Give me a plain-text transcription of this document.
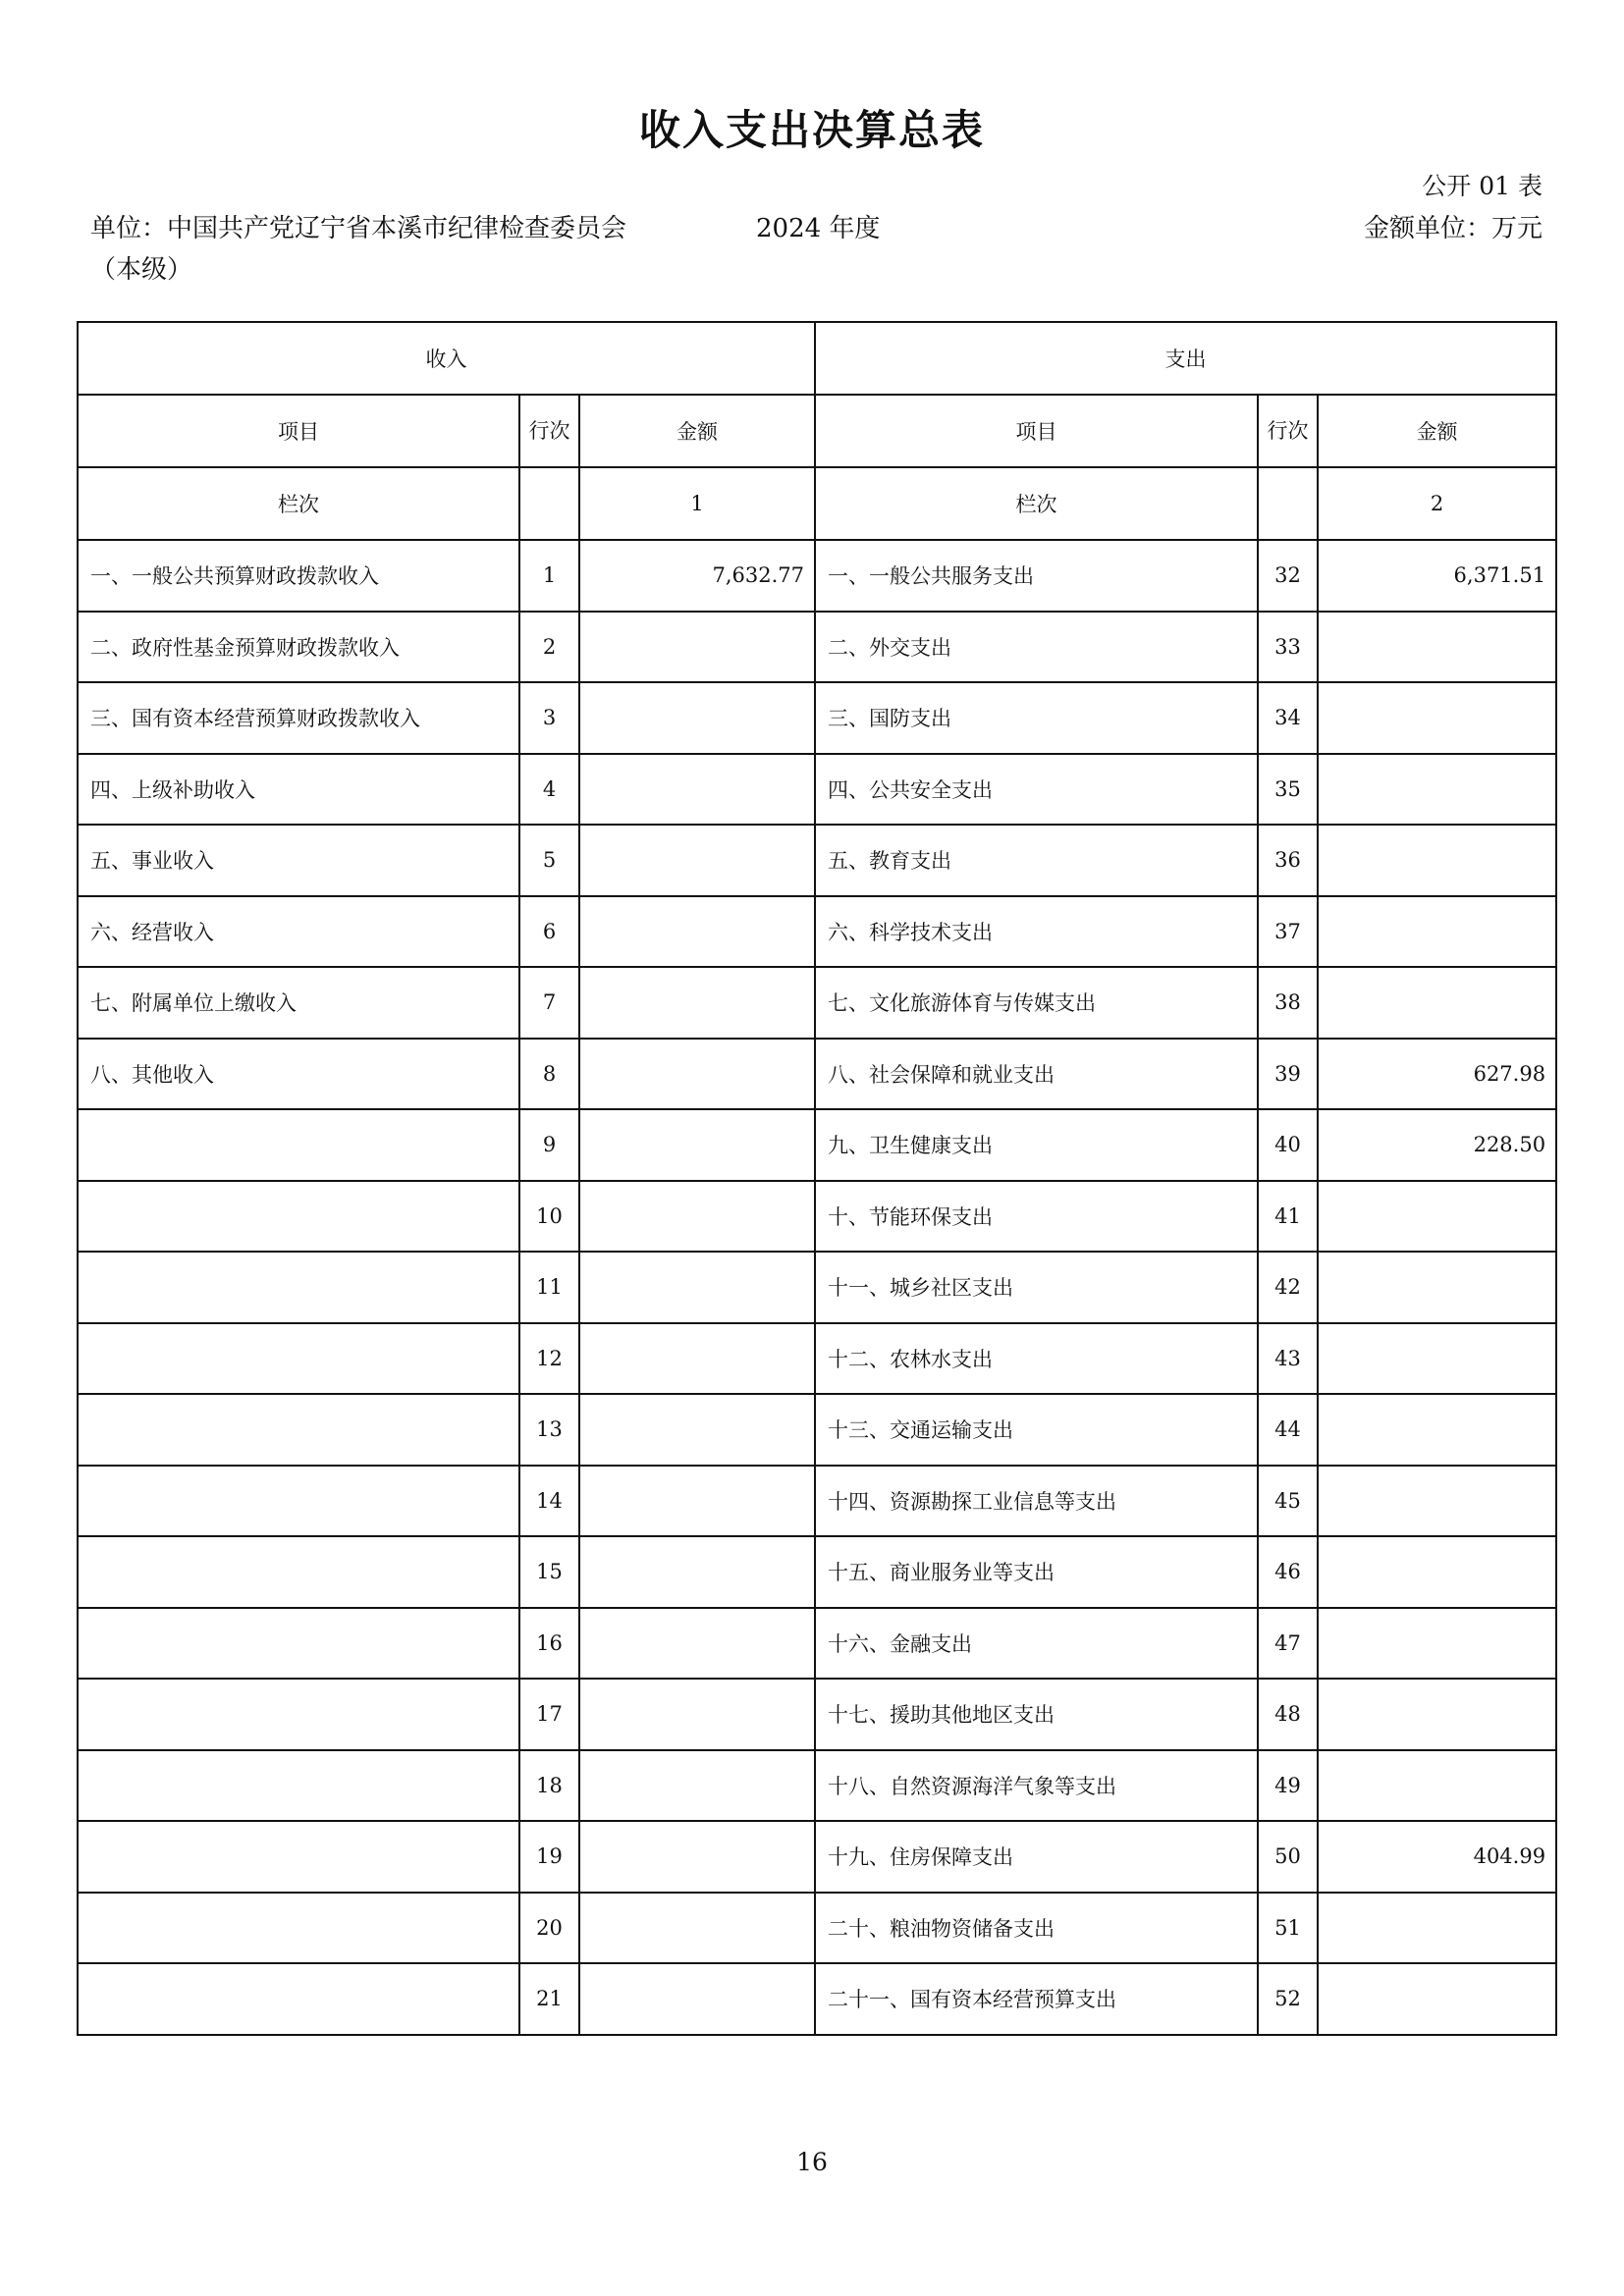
收入支出决算总表
公开 01 表
单位：中国共产党辽宁省本溪市纪律检查委员会
（本级）
2024 年度	金额单位：万元
收入			支出		
项目	行次	金额	项目	行次	金额
栏次		1	栏次		2
一、一般公共预算财政拨款收入	1	7,632.77	一、一般公共服务支出	32	6,371.51
二、政府性基金预算财政拨款收入	2		二、外交支出	33	
三、国有资本经营预算财政拨款收入	3		三、国防支出	34	
四、上级补助收入	4		四、公共安全支出	35	
五、事业收入	5		五、教育支出	36	
六、经营收入	6		六、科学技术支出	37	
七、附属单位上缴收入	7		七、文化旅游体育与传媒支出	38	
八、其他收入	8		八、社会保障和就业支出	39	627.98
	9		九、卫生健康支出	40	228.50
	10		十、节能环保支出	41	
	11		十一、城乡社区支出	42	
	12		十二、农林水支出	43	
	13		十三、交通运输支出	44	
	14		十四、资源勘探工业信息等支出	45	
	15		十五、商业服务业等支出	46	
	16		十六、金融支出	47	
	17		十七、援助其他地区支出	48	
	18		十八、自然资源海洋气象等支出	49	
	19		十九、住房保障支出	50	404.99
	20		二十、粮油物资储备支出	51	
	21		二十一、国有资本经营预算支出	52	
16
